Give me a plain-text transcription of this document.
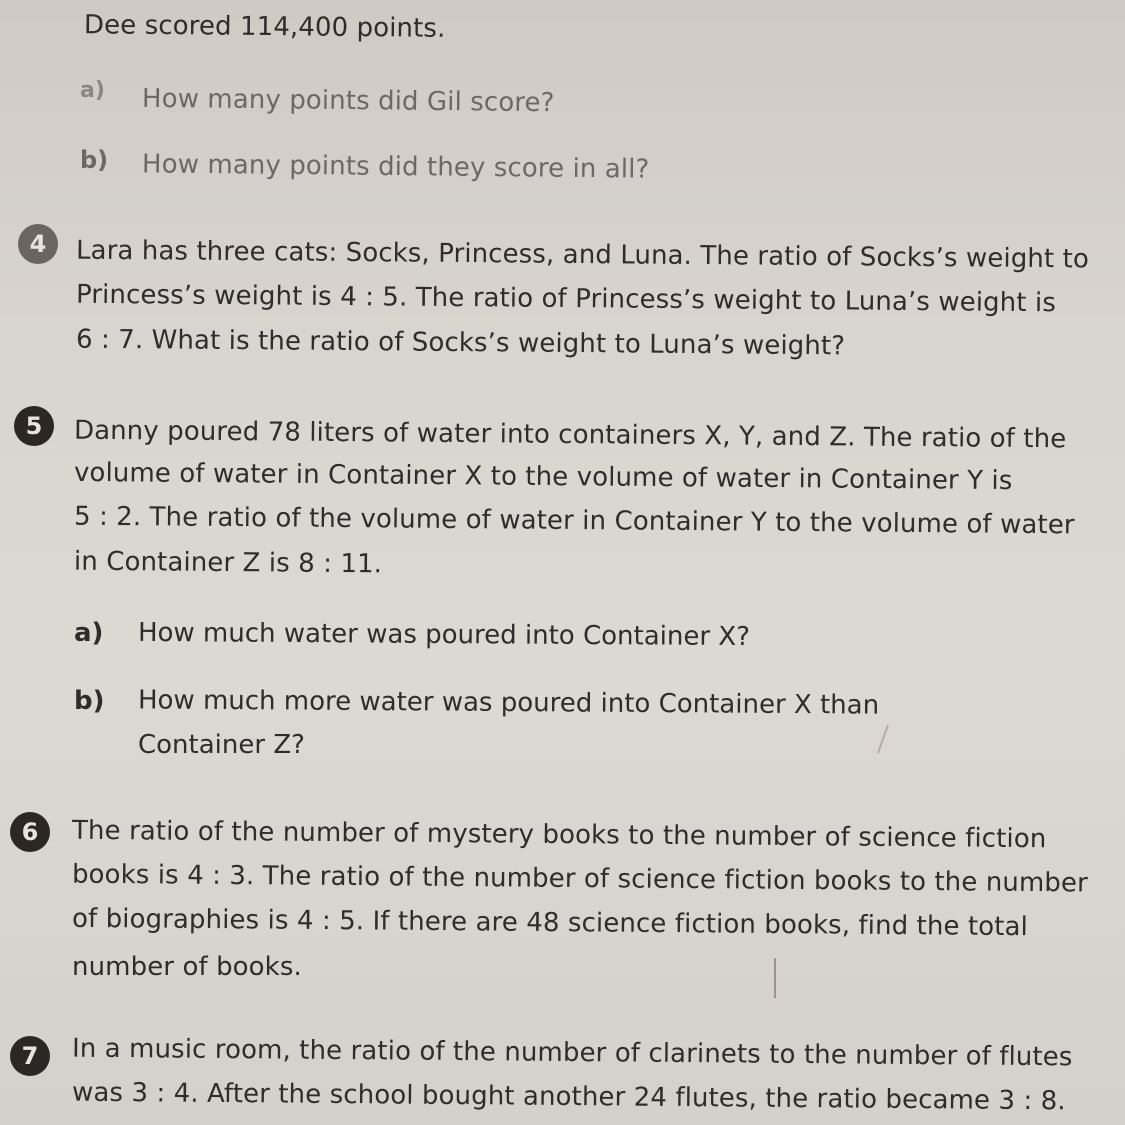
Dee scored 114,400 points.
a) How many points did Gil score?
b) How many points did they score in all?
4	Lara has three cats: Socks, Princess, and Luna. The ratio of Socks’s weight to
Princess’s weight is 4 : 5. The ratio of Princess’s weight to Luna’s weight is
6 : 7. What is the ratio of Socks’s weight to Luna’s weight?
5	Danny poured 78 liters of water into containers X, Y, and Z. The ratio of the
volume of water in Container X to the volume of water in Container Y is
5 : 2. The ratio of the volume of water in Container Y to the volume of water
in Container Z is 8 : 11.
a) How much water was poured into Container X?
b) How much more water was poured into Container X than
Container Z?
6	The ratio of the number of mystery books to the number of science fiction
books is 4 : 3. The ratio of the number of science fiction books to the number
of biographies is 4 : 5. If there are 48 science fiction books, find the total
number of books.
7	In a music room, the ratio of the number of clarinets to the number of flutes
was 3 : 4. After the school bought another 24 flutes, the ratio became 3 : 8.
